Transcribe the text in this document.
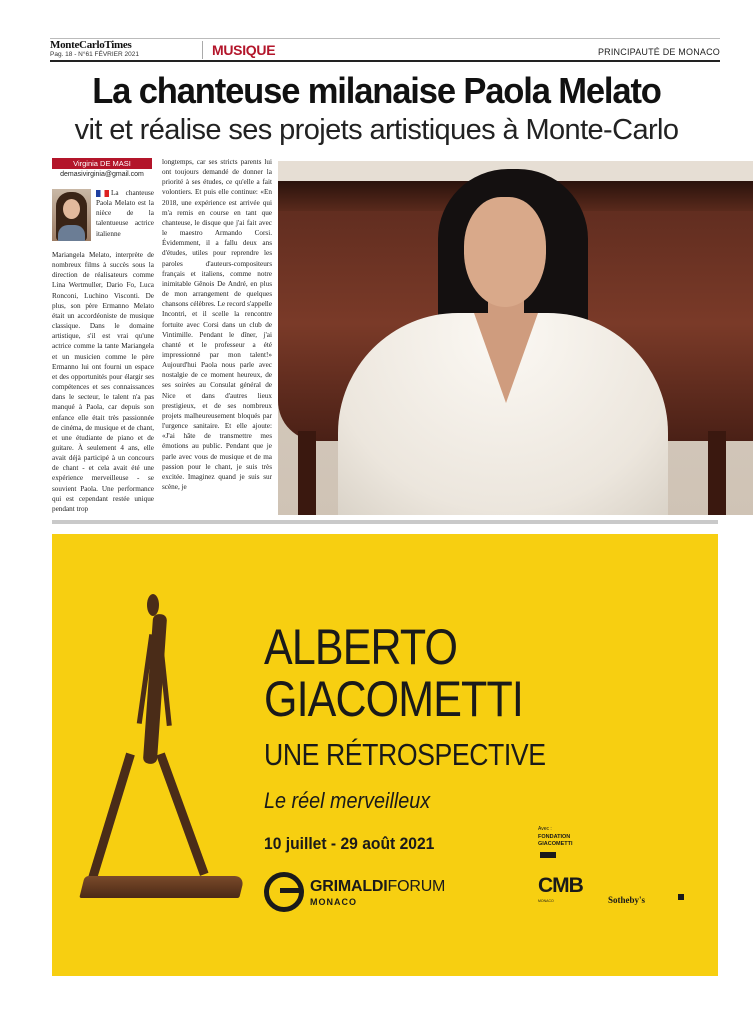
MonteCarloTimes
Pag. 18 - N°61 FÉVRIER 2021	MUSIQUE	PRINCIPAUTÉ DE MONACO
La chanteuse milanaise Paola Melato
vit et réalise ses projets artistiques à Monte-Carlo
Virginia DE MASI
demasivirginia@gmail.com
La chanteuse Paola Melato est la nièce de la talentueuse actrice italienne
Mariangela Melato, interprète de nombreux films à succès sous la direction de réalisateurs comme Lina Wertmuller, Dario Fo, Luca Ronconi, Luchino Visconti. De plus, son père Ermanno Melato était un accordéoniste de musique classique. Dans le domaine artistique, s'il est vrai qu'une actrice comme la tante Mariangela et un musicien comme le père Ermanno lui ont fourni un espace et des opportunités pour élargir ses compétences et ses connaissances dans le secteur, le talent n'a pas manqué à Paola, car depuis son enfance elle était très passionnée de cinéma, de musique et de chant, et une étudiante de piano et de guitare. À seulement 4 ans, elle avait déjà participé à un concours de chant - et cela avait été une expérience merveilleuse - se souvient Paola. Une performance qui est cependant restée unique pendant trop
longtemps, car ses stricts parents lui ont toujours demandé de donner la priorité à ses études, ce qu'elle a fait volontiers. Et puis elle continue: «En 2018, une expérience est arrivée qui m'a remis en course en tant que chanteuse, le disque que j'ai fait avec le maestro Armando Corsi. Évidemment, il a fallu deux ans d'études, utiles pour reprendre les paroles d'auteurs-compositeurs français et italiens, comme notre inimitable Gênois De André, en plus de mon arrangement de quelques chansons célèbres. Le record s'appelle Incontri, et il scelle la rencontre fortuite avec Corsi dans un club de Vintimille. Pendant le dîner, j'ai chanté et le professeur a été impressionné par mon talent!» Aujourd'hui Paola nous parle avec nostalgie de ce moment heureux, de ses soirées au Consulat général de Nice et dans d'autres lieux prestigieux, et de ses nombreux projets malheureusement bloqués par l'urgence sanitaire. Et elle ajoute: «J'ai hâte de transmettre mes émotions au public. Pendant que je parle avec vous de musique et de ma passion pour le chant, je suis très excitée. Imaginez quand je suis sur scène, je
ALBERTO
GIACOMETTI
UNE RÉTROSPECTIVE
Le réel merveilleux
10 juillet - 29 août 2021
GRIMALDIFORUM
MONACO
Avec :
FONDATION GIACOMETTI
CMB
MONACO	Sotheby's
